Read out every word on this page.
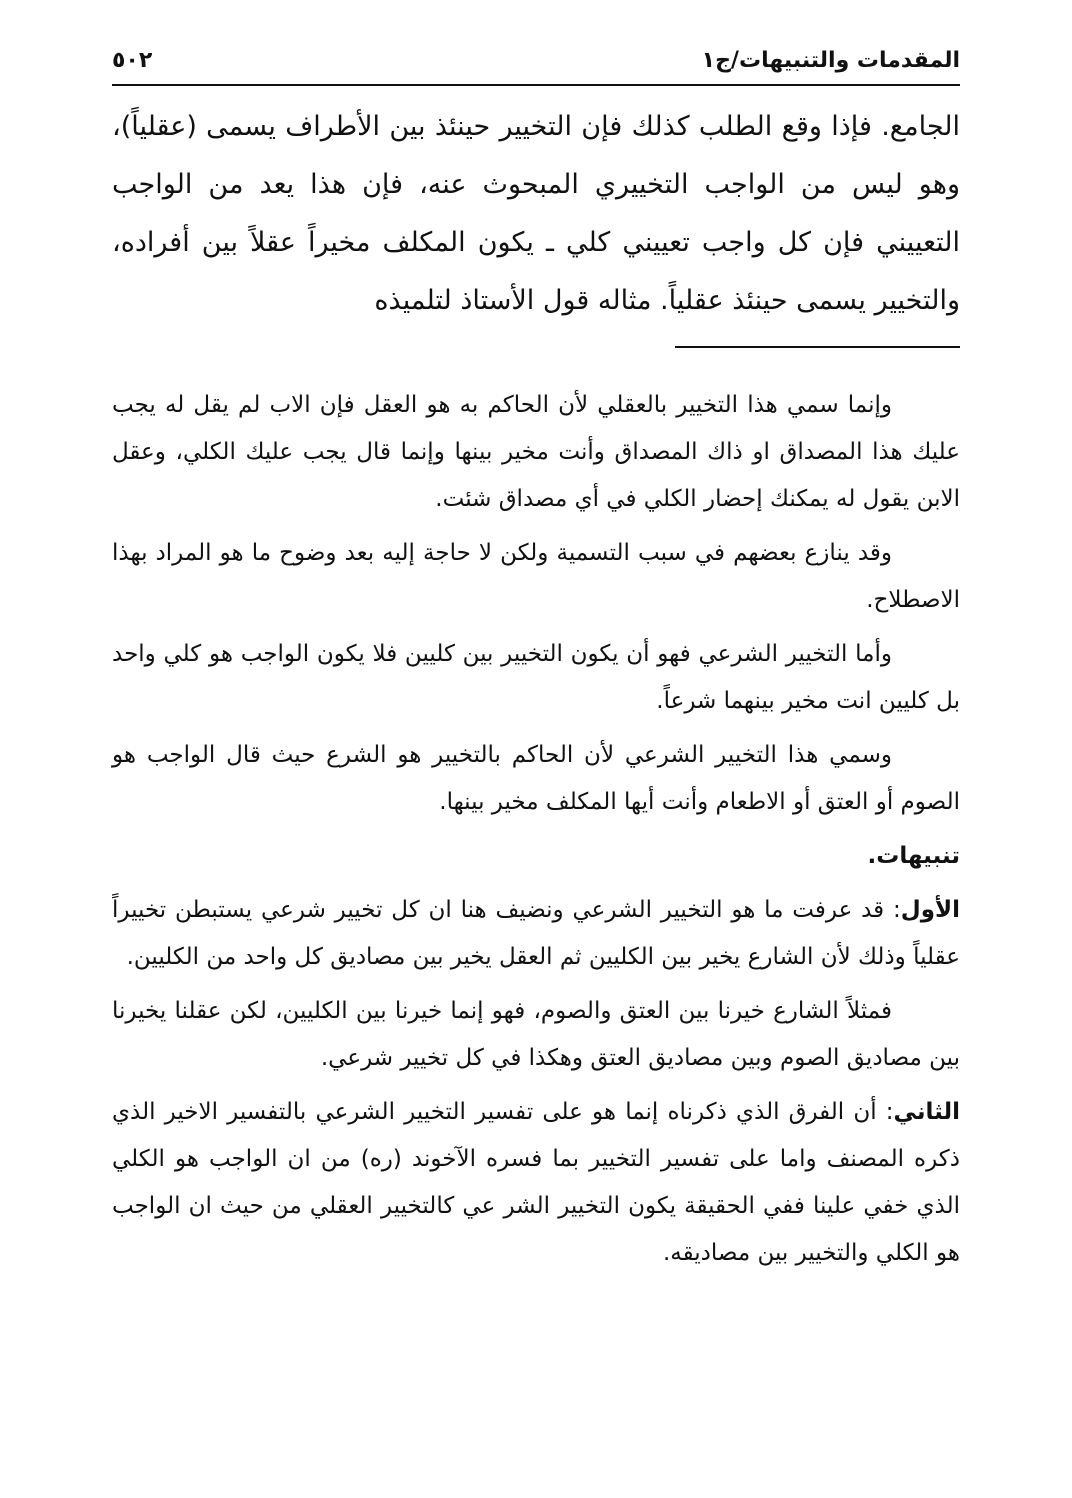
المقدمات والتنبيهات/ج١
٥٠٢
الجامع. فإذا وقع الطلب كذلك فإن التخيير حينئذ بين الأطراف يسمى (عقلياً)، وهو ليس من الواجب التخييري المبحوث عنه، فإن هذا يعد من الواجب التعييني فإن كل واجب تعييني كلي ـ يكون المكلف مخيراً عقلاً بين أفراده، والتخيير يسمى حينئذ عقلياً. مثاله قول الأستاذ لتلميذه

وإنما سمي هذا التخيير بالعقلي لأن الحاكم به هو العقل فإن الاب لم يقل له يجب عليك هذا المصداق او ذاك المصداق وأنت مخير بينها وإنما قال يجب عليك الكلي، وعقل الابن يقول له يمكنك إحضار الكلي في أي مصداق شئت.

وقد ينازع بعضهم في سبب التسمية ولكن لا حاجة إليه بعد وضوح ما هو المراد بهذا الاصطلاح.

وأما التخيير الشرعي فهو أن يكون التخيير بين كليين فلا يكون الواجب هو كلي واحد بل كليين انت مخير بينهما شرعاً.

وسمي هذا التخيير الشرعي لأن الحاكم بالتخيير هو الشرع حيث قال الواجب هو الصوم أو العتق أو الاطعام وأنت أيها المكلف مخير بينها.

تنبيهات.

الأول: قد عرفت ما هو التخيير الشرعي ونضيف هنا ان كل تخيير شرعي يستبطن تخييراً عقلياً وذلك لأن الشارع يخير بين الكليين ثم العقل يخير بين مصاديق كل واحد من الكليين.

فمثلاً الشارع خيرنا بين العتق والصوم، فهو إنما خيرنا بين الكليين، لكن عقلنا يخيرنا بين مصاديق الصوم وبين مصاديق العتق وهكذا في كل تخيير شرعي.

الثاني: أن الفرق الذي ذكرناه إنما هو على تفسير التخيير الشرعي بالتفسير الاخير الذي ذكره المصنف واما على تفسير التخيير بما فسره الآخوند (ره) من ان الواجب هو الكلي الذي خفي علينا ففي الحقيقة يكون التخيير الشر عي كالتخيير العقلي من حيث ان الواجب هو الكلي والتخيير بين مصاديقه.
